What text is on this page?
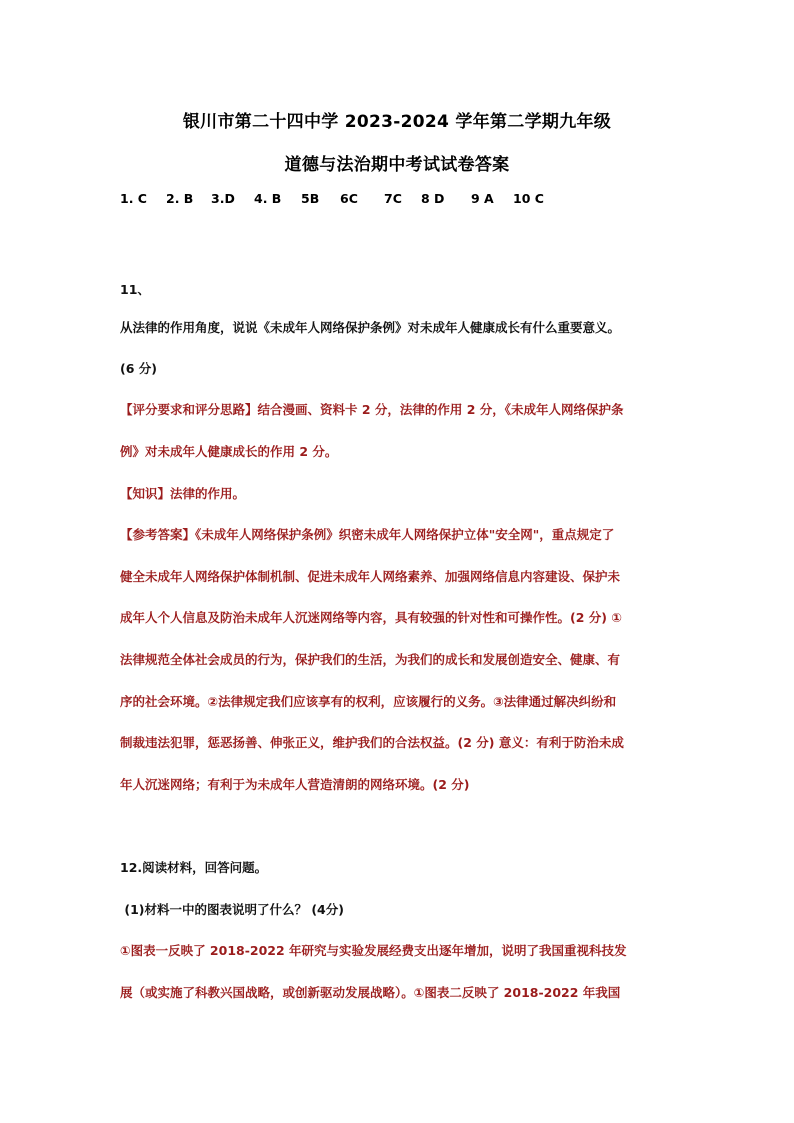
银川市第二十四中学 2023-2024 学年第二学期九年级
道德与法治期中考试试卷答案
1. C 2. B 3.D 4. B 5B 6C 7C 8 D 9 A 10 C
11、
从法律的作用角度，说说《未成年人网络保护条例》对未成年人健康成长有什么重要意义。
(6 分)
【评分要求和评分思路】结合漫画、资料卡 2 分，法律的作用 2 分，《未成年人网络保护条
例》对未成年人健康成长的作用 2 分。
【知识】法律的作用。
【参考答案】《未成年人网络保护条例》织密未成年人网络保护立体"安全网"，重点规定了
健全未成年人网络保护体制机制、促进未成年人网络素养、加强网络信息内容建设、保护未
成年人个人信息及防治未成年人沉迷网络等内容，具有较强的针对性和可操作性。(2 分) ①
法律规范全体社会成员的行为，保护我们的生活，为我们的成长和发展创造安全、健康、有
序的社会环境。②法律规定我们应该享有的权利，应该履行的义务。③法律通过解决纠纷和
制裁违法犯罪，惩恶扬善、伸张正义，维护我们的合法权益。(2 分) 意义：有利于防治未成
年人沉迷网络；有利于为未成年人营造清朗的网络环境。(2 分)
12.阅读材料，回答问题。
(1)材料一中的图表说明了什么？ (4分)
①图表一反映了 2018-2022 年研究与实验发展经费支出逐年增加，说明了我国重视科技发
展（或实施了科教兴国战略，或创新驱动发展战略）。①图表二反映了 2018-2022 年我国
